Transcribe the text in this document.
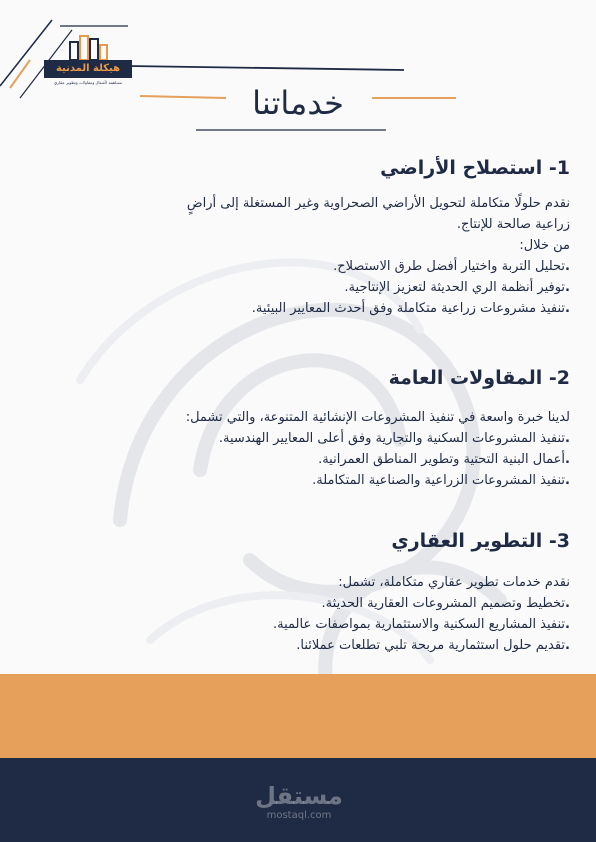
هيكلة المدنية
مساهمة لأشغال ومقاولات وتطوير عقاري
خدماتنا

1- استصلاح الأراضي

نقدم حلولًا متكاملة لتحويل الأراضي الصحراوية وغير المستغلة إلى أراضٍ

زراعية صالحة للإنتاج.

من خلال:

. تحليل التربة واختيار أفضل طرق الاستصلاح.

. توفير أنظمة الري الحديثة لتعزيز الإنتاجية.

. تنفيذ مشروعات زراعية متكاملة وفق أحدث المعايير البيئية.

2- المقاولات العامة

لدينا خبرة واسعة في تنفيذ المشروعات الإنشائية المتنوعة، والتي تشمل:

. تنفيذ المشروعات السكنية والتجارية وفق أعلى المعايير الهندسية.

. أعمال البنية التحتية وتطوير المناطق العمرانية.

. تنفيذ المشروعات الزراعية والصناعية المتكاملة.

3- التطوير العقاري

نقدم خدمات تطوير عقاري متكاملة، تشمل:

. تخطيط وتصميم المشروعات العقارية الحديثة.

. تنفيذ المشاريع السكنية والاستثمارية بمواصفات عالمية.

. تقديم حلول استثمارية مربحة تلبي تطلعات عملائنا.

مستقل
mostaql.com
